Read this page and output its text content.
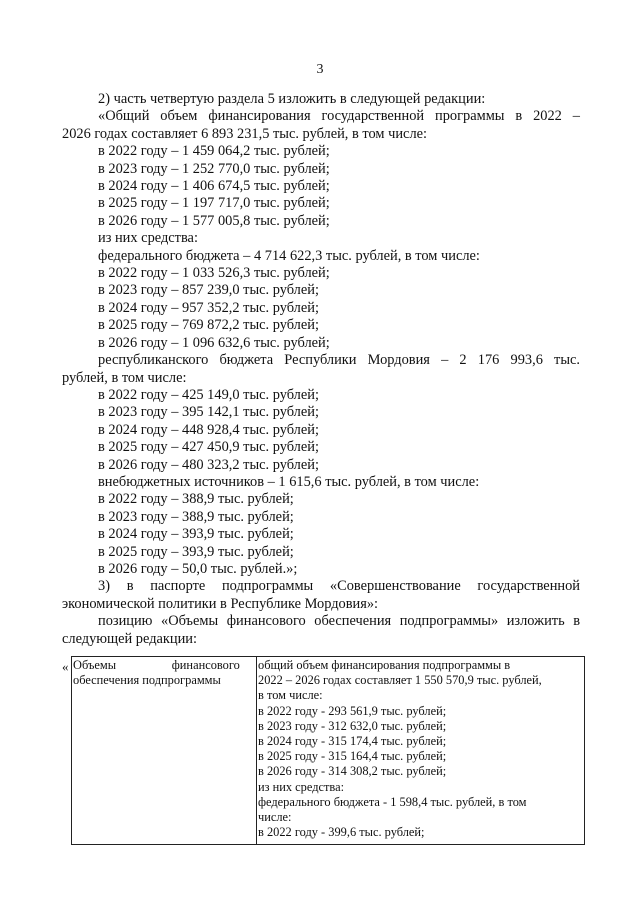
3

2) часть четвертую раздела 5 изложить в следующей редакции:

«Общий объем финансирования государственной программы в 2022 –

2026 годах составляет 6 893 231,5 тыс. рублей, в том числе:

в 2022 году – 1 459 064,2 тыс. рублей;

в 2023 году – 1 252 770,0 тыс. рублей;

в 2024 году – 1 406 674,5 тыс. рублей;

в 2025 году – 1 197 717,0 тыс. рублей;

в 2026 году – 1 577 005,8 тыс. рублей;

из них средства:

федерального бюджета – 4 714 622,3 тыс. рублей, в том числе:

в 2022 году – 1 033 526,3 тыс. рублей;

в 2023 году – 857 239,0 тыс. рублей;

в 2024 году – 957 352,2 тыс. рублей;

в 2025 году – 769 872,2 тыс. рублей;

в 2026 году – 1 096 632,6 тыс. рублей;

республиканского бюджета Республики Мордовия – 2 176 993,6 тыс.

рублей, в том числе:

в 2022 году – 425 149,0 тыс. рублей;

в 2023 году – 395 142,1 тыс. рублей;

в 2024 году – 448 928,4 тыс. рублей;

в 2025 году – 427 450,9 тыс. рублей;

в 2026 году – 480 323,2 тыс. рублей;

внебюджетных источников – 1 615,6 тыс. рублей, в том числе:

в 2022 году – 388,9 тыс. рублей;

в 2023 году – 388,9 тыс. рублей;

в 2024 году – 393,9 тыс. рублей;

в 2025 году – 393,9 тыс. рублей;

в 2026 году – 50,0 тыс. рублей.»;

3) в паспорте подпрограммы «Совершенствование государственной

экономической политики в Республике Мордовия»:

позицию «Объемы финансового обеспечения подпрограммы» изложить в

следующей редакции:

« Объемы                  финансового
обеспечения подпрограммы

общий объем финансирования подпрограммы в
2022 – 2026 годах составляет 1 550 570,9 тыс. рублей,
в том числе:
в 2022 году - 293 561,9 тыс. рублей;
в 2023 году - 312 632,0 тыс. рублей;
в 2024 году - 315 174,4 тыс. рублей;
в 2025 году - 315 164,4 тыс. рублей;
в 2026 году - 314 308,2 тыс. рублей;
из них средства:
федерального бюджета - 1 598,4 тыс. рублей, в том
числе:
в 2022 году - 399,6 тыс. рублей;
